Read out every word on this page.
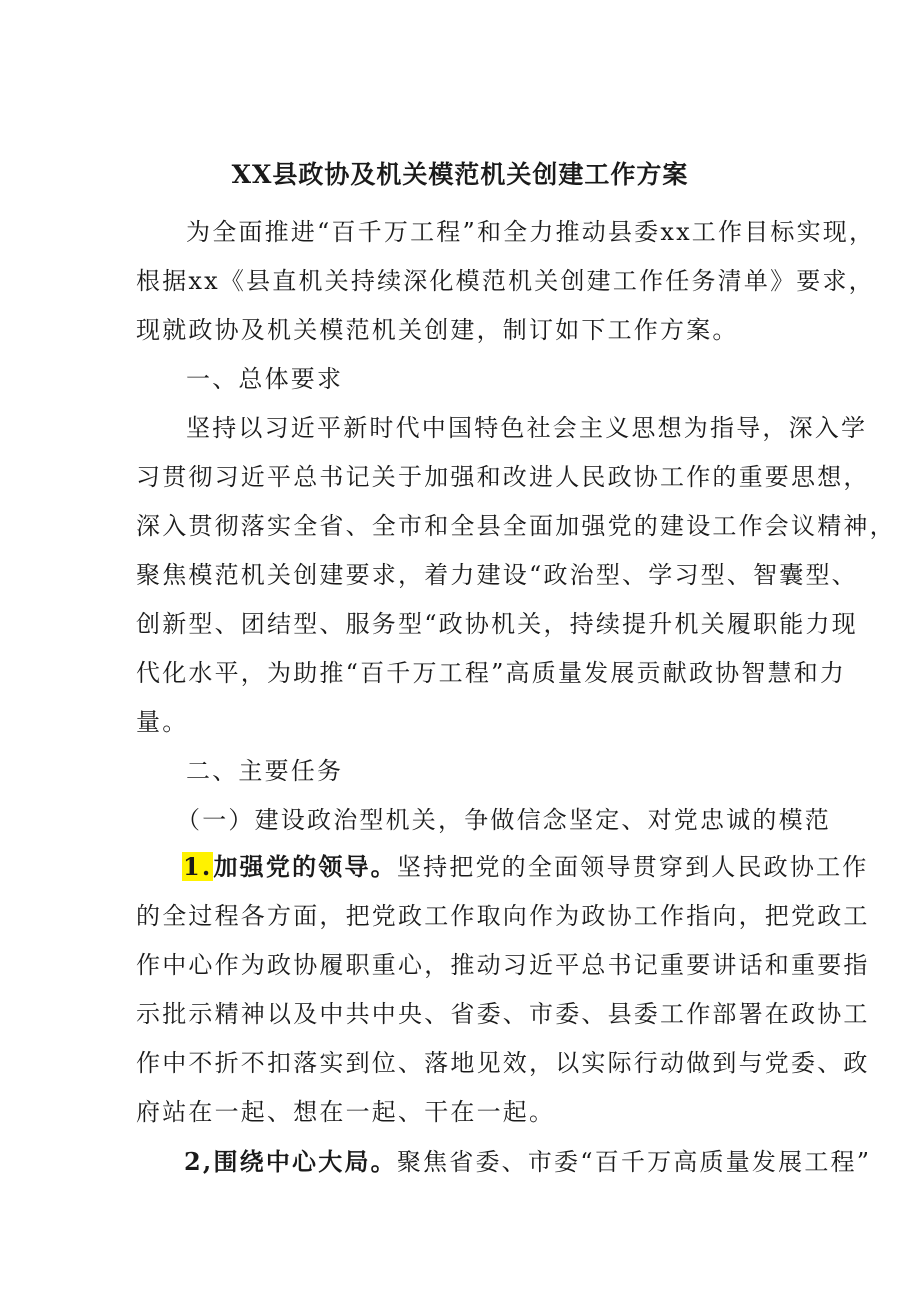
XX县政协及机关模范机关创建工作方案
为全面推进“百千万工程”和全力推动县委xx工作目标实现，
根据xx《县直机关持续深化模范机关创建工作任务清单》要求，
现就政协及机关模范机关创建，制订如下工作方案。
一、总体要求
坚持以习近平新时代中国特色社会主义思想为指导，深入学
习贯彻习近平总书记关于加强和改进人民政协工作的重要思想，
深入贯彻落实全省、全市和全县全面加强党的建设工作会议精神，
聚焦模范机关创建要求，着力建设“政治型、学习型、智囊型、
创新型、团结型、服务型“政协机关，持续提升机关履职能力现
代化水平，为助推“百千万工程”高质量发展贡献政协智慧和力
量。
二、主要任务
（一）建设政治型机关，争做信念坚定、对党忠诚的模范
1.加强党的领导。坚持把党的全面领导贯穿到人民政协工作
的全过程各方面，把党政工作取向作为政协工作指向，把党政工
作中心作为政协履职重心，推动习近平总书记重要讲话和重要指
示批示精神以及中共中央、省委、市委、县委工作部署在政协工
作中不折不扣落实到位、落地见效，以实际行动做到与党委、政
府站在一起、想在一起、干在一起。
2,围绕中心大局。聚焦省委、市委“百千万高质量发展工程”
